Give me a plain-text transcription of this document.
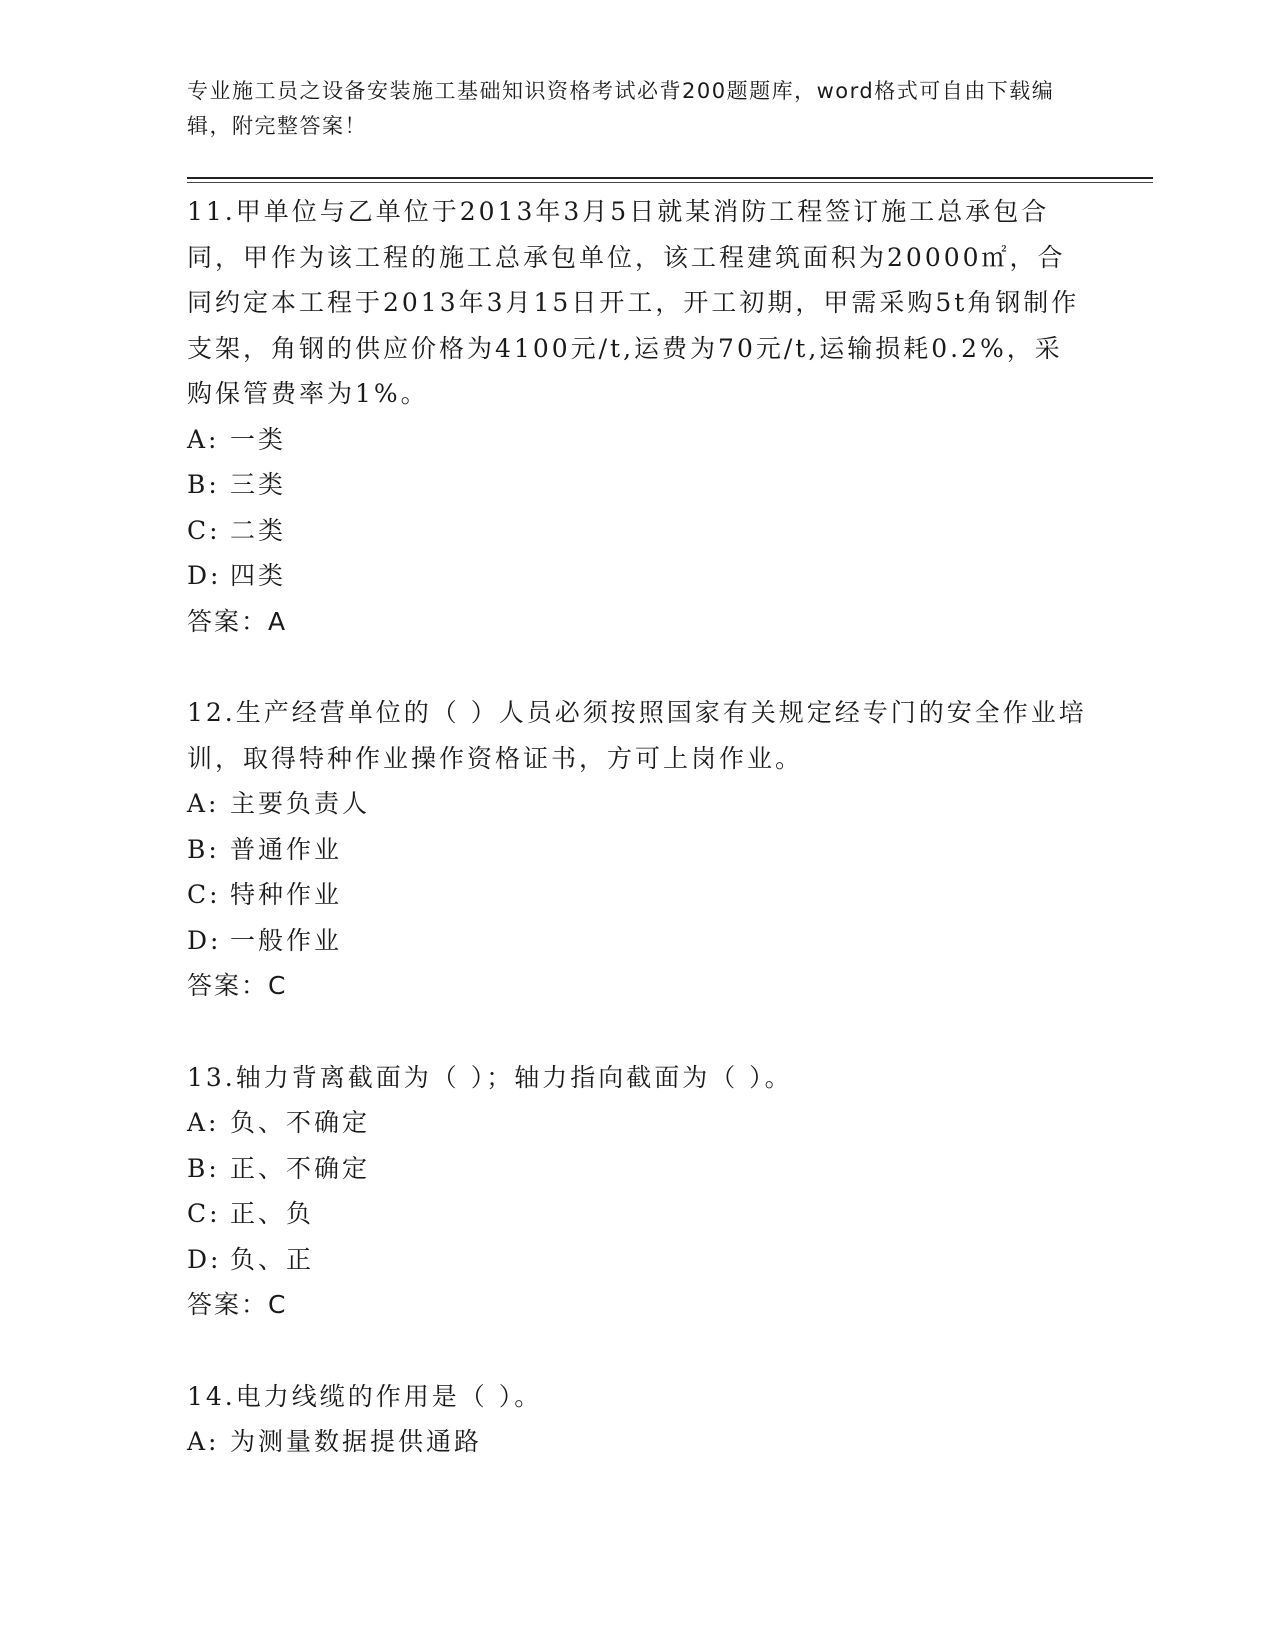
专业施工员之设备安装施工基础知识资格考试必背200题题库，word格式可自由下载编辑，附完整答案！

11.甲单位与乙单位于2013年3月5日就某消防工程签订施工总承包合同，甲作为该工程的施工总承包单位，该工程建筑面积为20000㎡，合同约定本工程于2013年3月15日开工，开工初期，甲需采购5t角钢制作支架，角钢的供应价格为4100元/t,运费为70元/t,运输损耗0.2%，采购保管费率为1%。

A: 一类

B: 三类

C: 二类

D: 四类

答案：A

12.生产经营单位的（ ）人员必须按照国家有关规定经专门的安全作业培训，取得特种作业操作资格证书，方可上岗作业。

A: 主要负责人

B: 普通作业

C: 特种作业

D: 一般作业

答案：C

13.轴力背离截面为（ ）；轴力指向截面为（ ）。

A: 负、不确定

B: 正、不确定

C: 正、负

D: 负、正

答案：C

14.电力线缆的作用是（ ）。

A: 为测量数据提供通路
